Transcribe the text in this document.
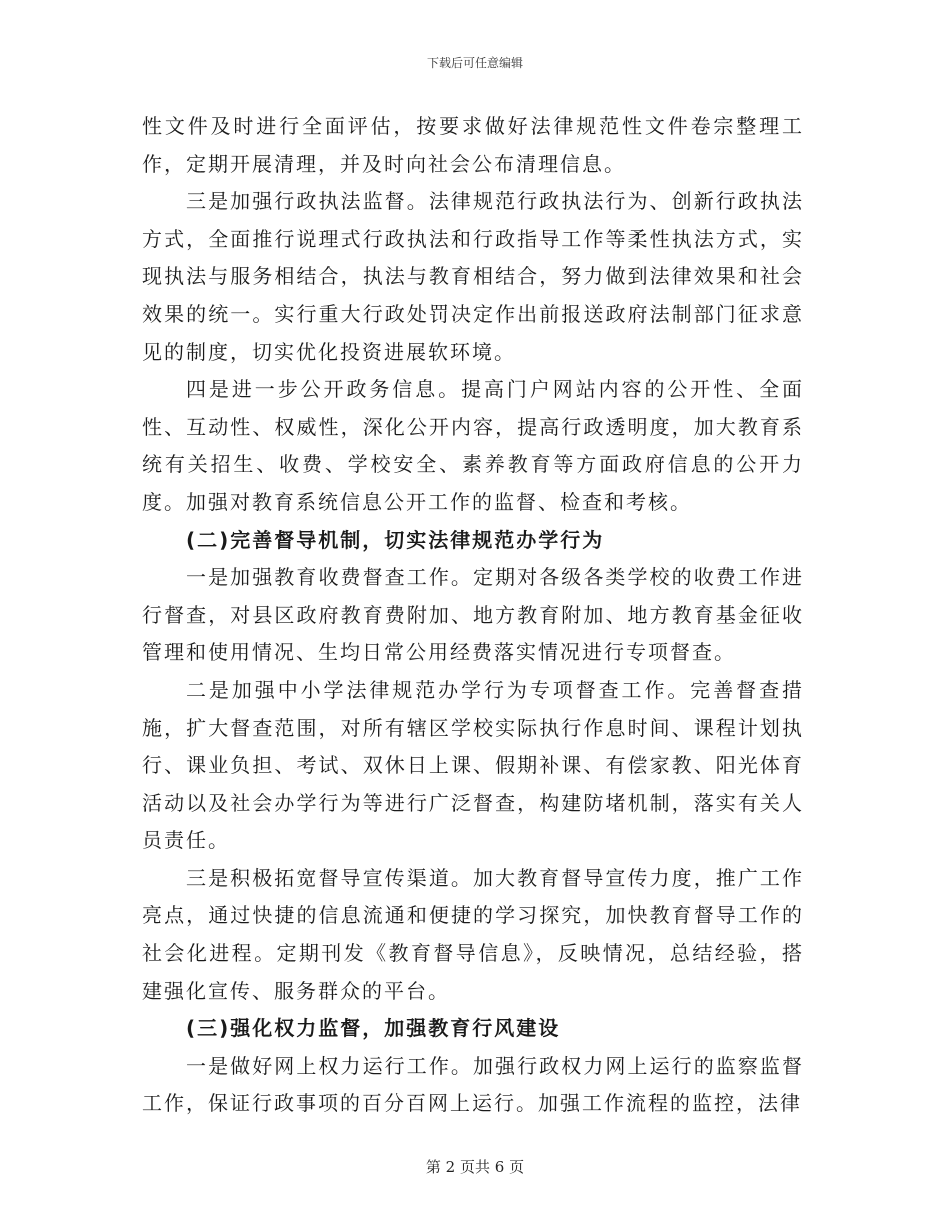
下载后可任意编辑

性文件及时进行全面评估，按要求做好法律规范性文件卷宗整理工作，定期开展清理，并及时向社会公布清理信息。

三是加强行政执法监督。法律规范行政执法行为、创新行政执法方式，全面推行说理式行政执法和行政指导工作等柔性执法方式，实现执法与服务相结合，执法与教育相结合，努力做到法律效果和社会效果的统一。实行重大行政处罚决定作出前报送政府法制部门征求意见的制度，切实优化投资进展软环境。

四是进一步公开政务信息。提高门户网站内容的公开性、全面性、互动性、权威性，深化公开内容，提高行政透明度，加大教育系统有关招生、收费、学校安全、素养教育等方面政府信息的公开力度。加强对教育系统信息公开工作的监督、检查和考核。

(二)完善督导机制，切实法律规范办学行为

一是加强教育收费督查工作。定期对各级各类学校的收费工作进行督查，对县区政府教育费附加、地方教育附加、地方教育基金征收管理和使用情况、生均日常公用经费落实情况进行专项督查。

二是加强中小学法律规范办学行为专项督查工作。完善督查措施，扩大督查范围，对所有辖区学校实际执行作息时间、课程计划执行、课业负担、考试、双休日上课、假期补课、有偿家教、阳光体育活动以及社会办学行为等进行广泛督查，构建防堵机制，落实有关人员责任。

三是积极拓宽督导宣传渠道。加大教育督导宣传力度，推广工作亮点，通过快捷的信息流通和便捷的学习探究，加快教育督导工作的社会化进程。定期刊发《教育督导信息》，反映情况，总结经验，搭建强化宣传、服务群众的平台。

(三)强化权力监督，加强教育行风建设

一是做好网上权力运行工作。加强行政权力网上运行的监察监督工作，保证行政事项的百分百网上运行。加强工作流程的监控，法律

第 2 页共 6 页
